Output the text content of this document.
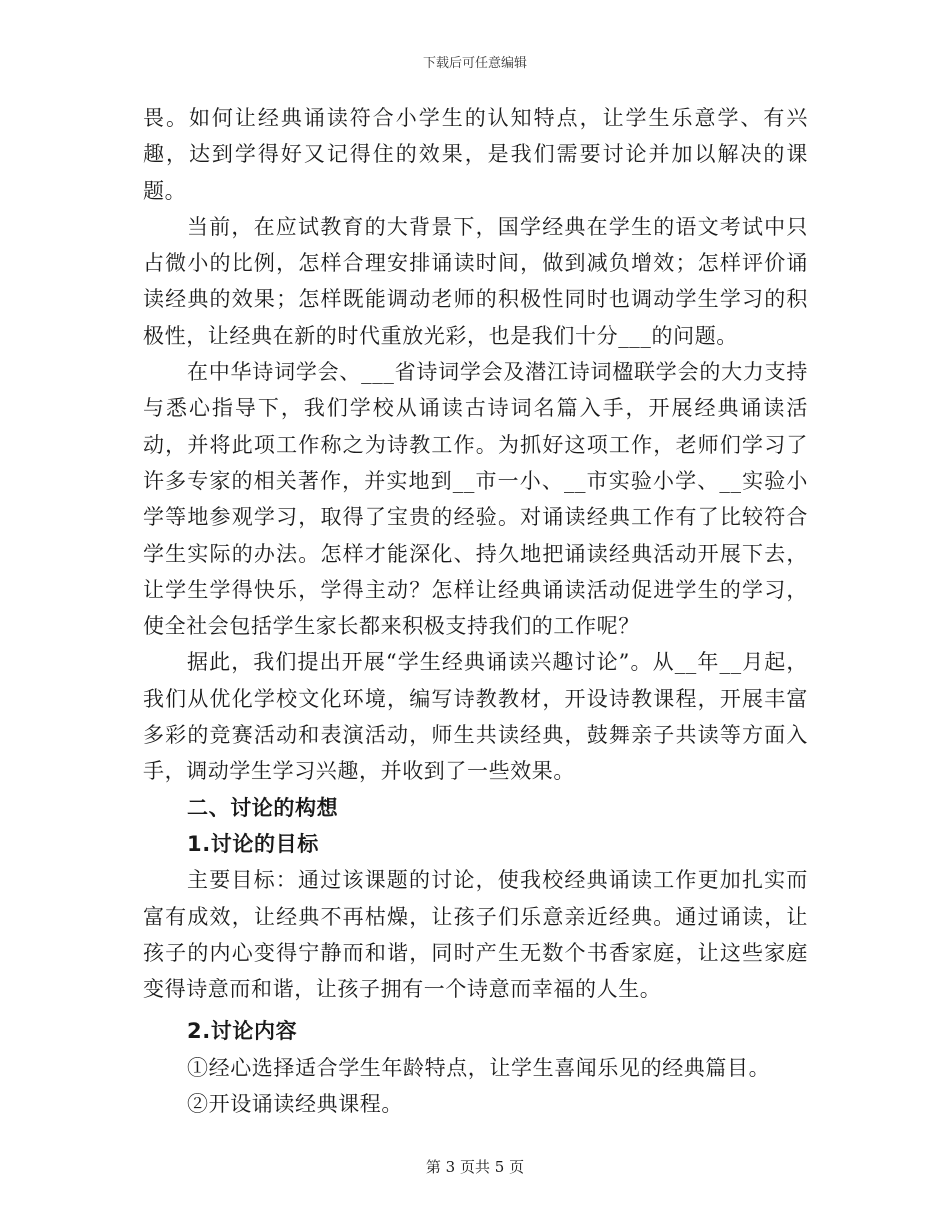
下载后可任意编辑

畏。如何让经典诵读符合小学生的认知特点，让学生乐意学、有兴趣，达到学得好又记得住的效果，是我们需要讨论并加以解决的课题。

当前，在应试教育的大背景下，国学经典在学生的语文考试中只占微小的比例，怎样合理安排诵读时间，做到减负增效；怎样评价诵读经典的效果；怎样既能调动老师的积极性同时也调动学生学习的积极性，让经典在新的时代重放光彩，也是我们十分___的问题。

在中华诗词学会、___省诗词学会及潜江诗词楹联学会的大力支持与悉心指导下，我们学校从诵读古诗词名篇入手，开展经典诵读活动，并将此项工作称之为诗教工作。为抓好这项工作，老师们学习了许多专家的相关著作，并实地到__市一小、__市实验小学、__实验小学等地参观学习，取得了宝贵的经验。对诵读经典工作有了比较符合学生实际的办法。怎样才能深化、持久地把诵读经典活动开展下去，让学生学得快乐，学得主动？怎样让经典诵读活动促进学生的学习，使全社会包括学生家长都来积极支持我们的工作呢？

据此，我们提出开展“学生经典诵读兴趣讨论”。从__年__月起，我们从优化学校文化环境，编写诗教教材，开设诗教课程，开展丰富多彩的竞赛活动和表演活动，师生共读经典，鼓舞亲子共读等方面入手，调动学生学习兴趣，并收到了一些效果。

二、讨论的构想

1.讨论的目标

主要目标：通过该课题的讨论，使我校经典诵读工作更加扎实而富有成效，让经典不再枯燥，让孩子们乐意亲近经典。通过诵读，让孩子的内心变得宁静而和谐，同时产生无数个书香家庭，让这些家庭变得诗意而和谐，让孩子拥有一个诗意而幸福的人生。

2.讨论内容

①经心选择适合学生年龄特点，让学生喜闻乐见的经典篇目。

②开设诵读经典课程。

第 3 页共 5 页
